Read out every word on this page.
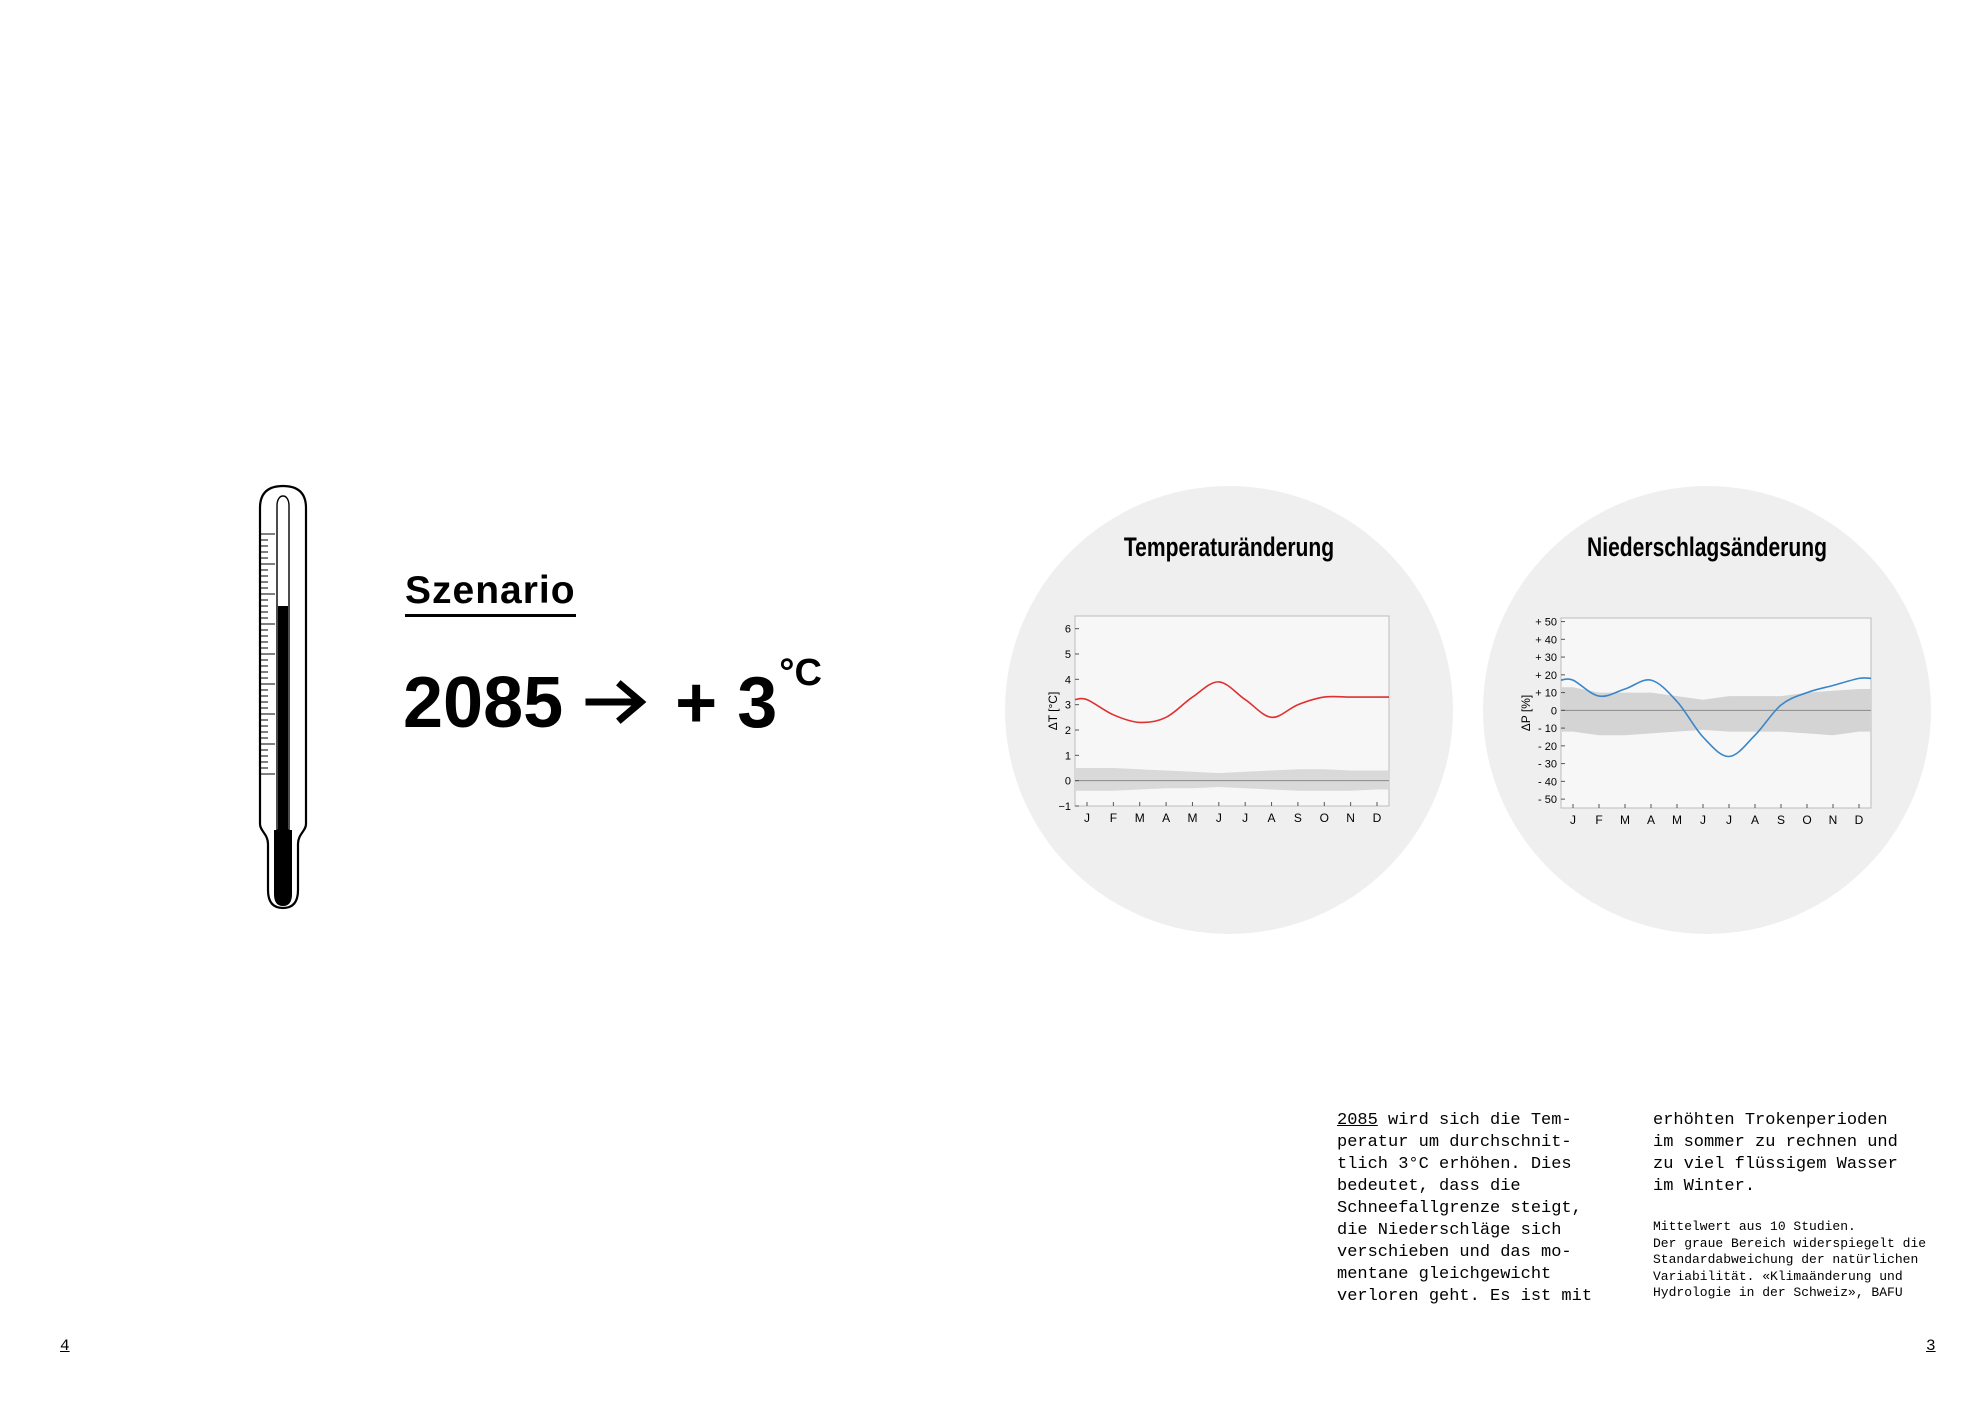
Szenario
$2085 + 3^{^\circ C}$
Temperaturänderung	Niederschlagsänderung
6
5
4
3
2
1
0
−1
J F M A M J J A S O N D
ΔT [°C]
+ 50
+ 40
+ 30
+ 20
+ 10
0
- 10
- 20
- 30
- 40
- 50
J F M A M J J A S O N D
ΔP [%]
2085 wird sich die Tem-
peratur um durchschnit-
tlich 3°C erhöhen. Dies
bedeutet, dass die
Schneefallgrenze steigt,
die Niederschläge sich
verschieben und das mo-
mentane gleichgewicht
verloren geht. Es ist mit
erhöhten Trokenperioden
im sommer zu rechnen und
zu viel flüssigem Wasser
im Winter.
Mittelwert aus 10 Studien.
Der graue Bereich widerspiegelt die
Standardabweichung der natürlichen
Variabilität. «Klimaänderung und
Hydrologie in der Schweiz», BAFU
4	3
